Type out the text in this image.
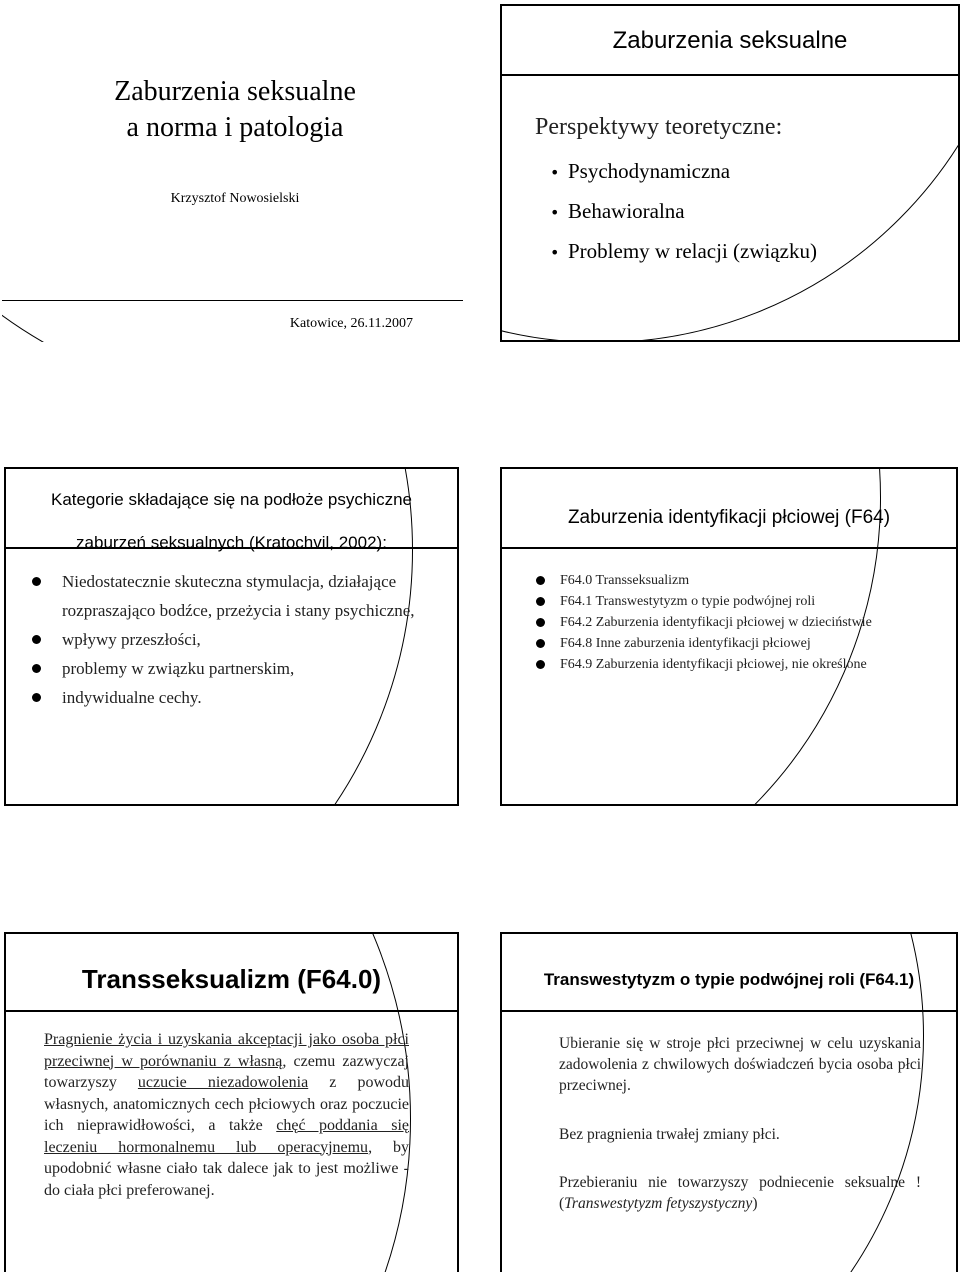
Zaburzenia seksualne
a norma i patologia
Krzysztof Nowosielski
Katowice, 26.11.2007
Zaburzenia seksualne
Perspektywy teoretyczne:
• Psychodynamiczna
• Behawioralna
• Problemy w relacji (związku)
Kategorie składające się na podłoże psychiczne
zaburzeń seksualnych (Kratochvil, 2002):
Niedostatecznie skuteczna stymulacja, działające rozpraszająco bodźce, przeżycia i stany psychiczne,
wpływy przeszłości,
problemy w związku partnerskim,
indywidualne cechy.
Zaburzenia identyfikacji płciowej (F64)
F64.0 Transseksualizm
F64.1 Transwestytyzm o typie podwójnej roli
F64.2 Zaburzenia identyfikacji płciowej w dzieciństwie
F64.8 Inne zaburzenia identyfikacji płciowej
F64.9 Zaburzenia identyfikacji płciowej, nie określone
Transseksualizm (F64.0)
Pragnienie życia i uzyskania akceptacji jako osoba płci przeciwnej w porównaniu z własną, czemu zazwyczaj towarzyszy uczucie niezadowolenia z powodu własnych, anatomicznych cech płciowych oraz poczucie ich nieprawidłowości, a także chęć poddania się leczeniu hormonalnemu lub operacyjnemu, by upodobnić własne ciało tak dalece jak to jest możliwe - do ciała płci preferowanej.
Transwestytyzm o typie podwójnej roli (F64.1)
Ubieranie się w stroje płci przeciwnej w celu uzyskania zadowolenia z chwilowych doświadczeń bycia osoba płci przeciwnej.
Bez pragnienia trwałej zmiany płci.
Przebieraniu nie towarzyszy podniecenie seksualne ! (Transwestytyzm fetyszystyczny)
